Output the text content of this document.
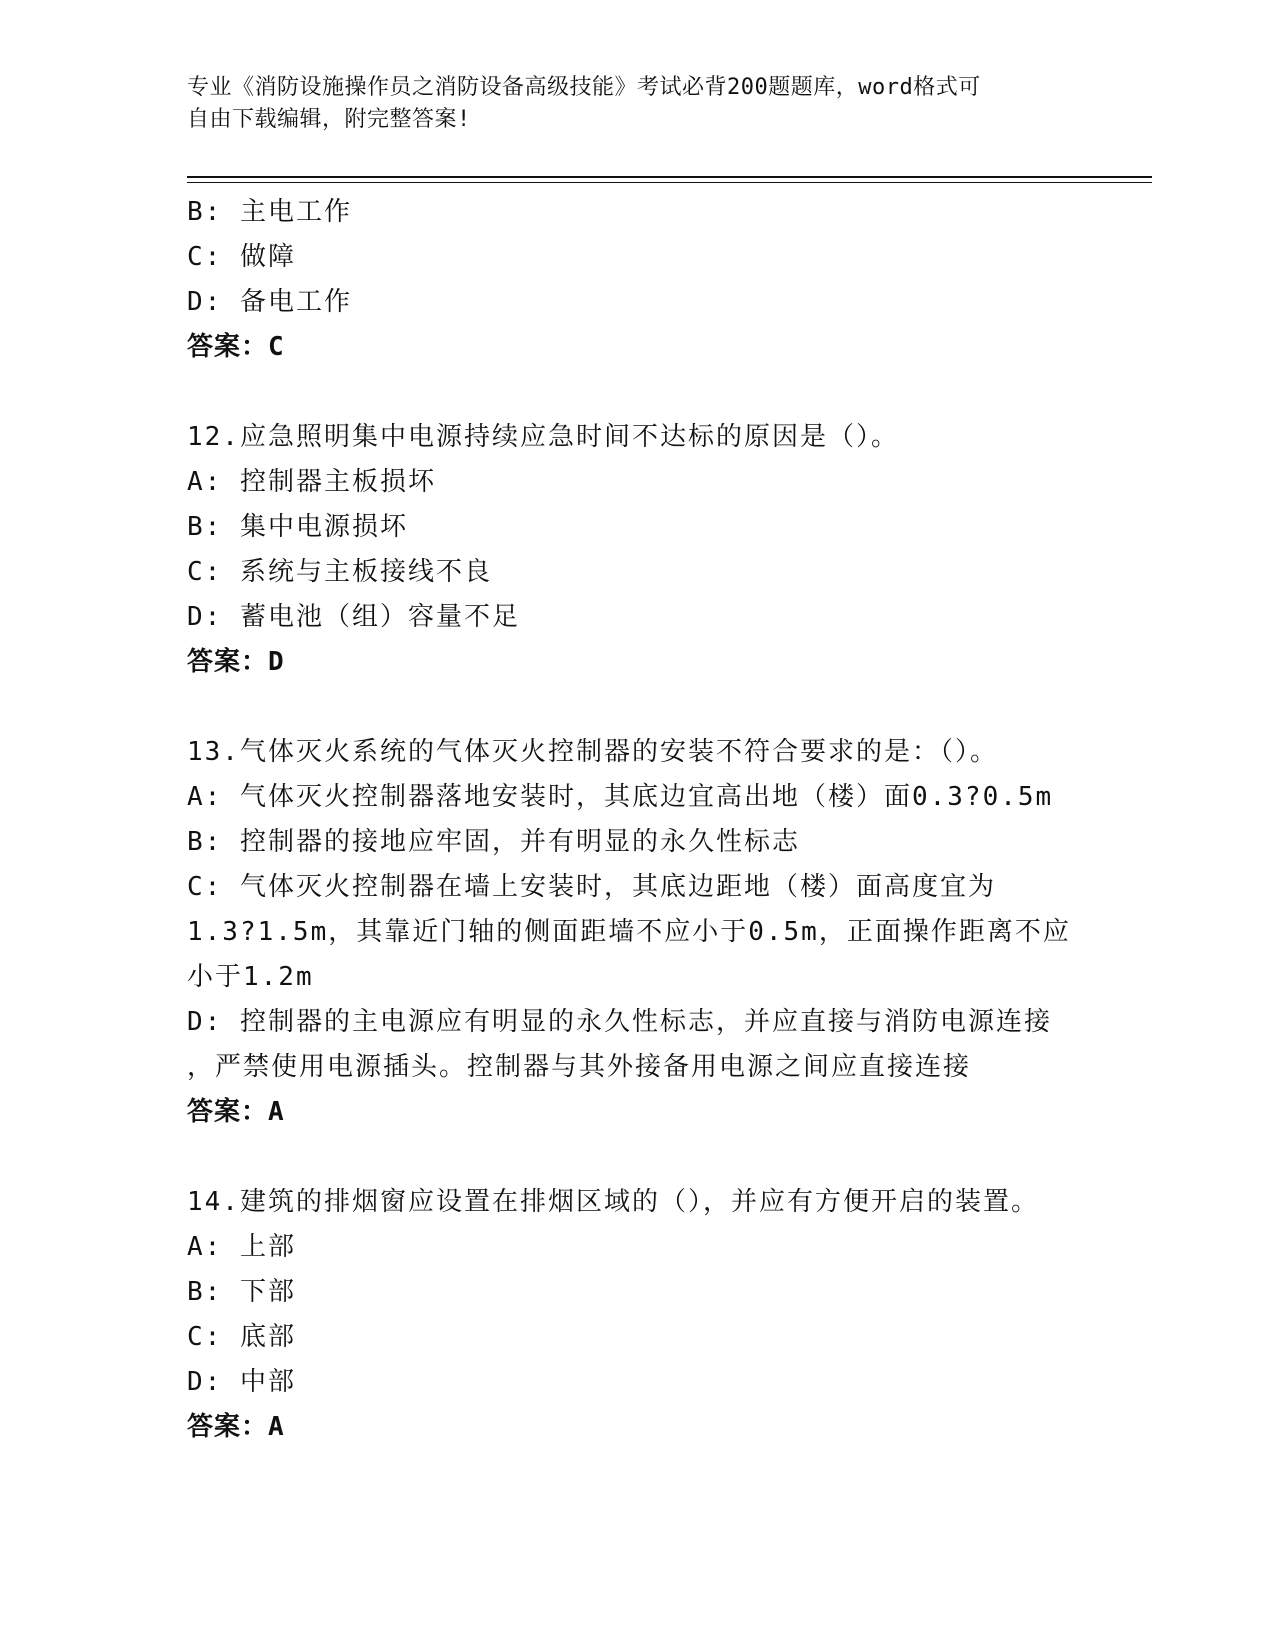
专业《消防设施操作员之消防设备高级技能》考试必背200题题库，word格式可
自由下载编辑，附完整答案!
B: 主电工作
C: 做障
D: 备电工作
答案：C
12.应急照明集中电源持续应急时间不达标的原因是（）。
A: 控制器主板损坏
B: 集中电源损坏
C: 系统与主板接线不良
D: 蓄电池（组）容量不足
答案：D
13.气体灭火系统的气体灭火控制器的安装不符合要求的是：（）。
A: 气体灭火控制器落地安装时，其底边宜高出地（楼）面0.3?0.5m
B: 控制器的接地应牢固，并有明显的永久性标志
C: 气体灭火控制器在墙上安装时，其底边距地（楼）面高度宜为
1.3?1.5m，其靠近门轴的侧面距墙不应小于0.5m，正面操作距离不应
小于1.2m
D: 控制器的主电源应有明显的永久性标志，并应直接与消防电源连接
，严禁使用电源插头。控制器与其外接备用电源之间应直接连接
答案：A
14.建筑的排烟窗应设置在排烟区域的（），并应有方便开启的装置。
A: 上部
B: 下部
C: 底部
D: 中部
答案：A
